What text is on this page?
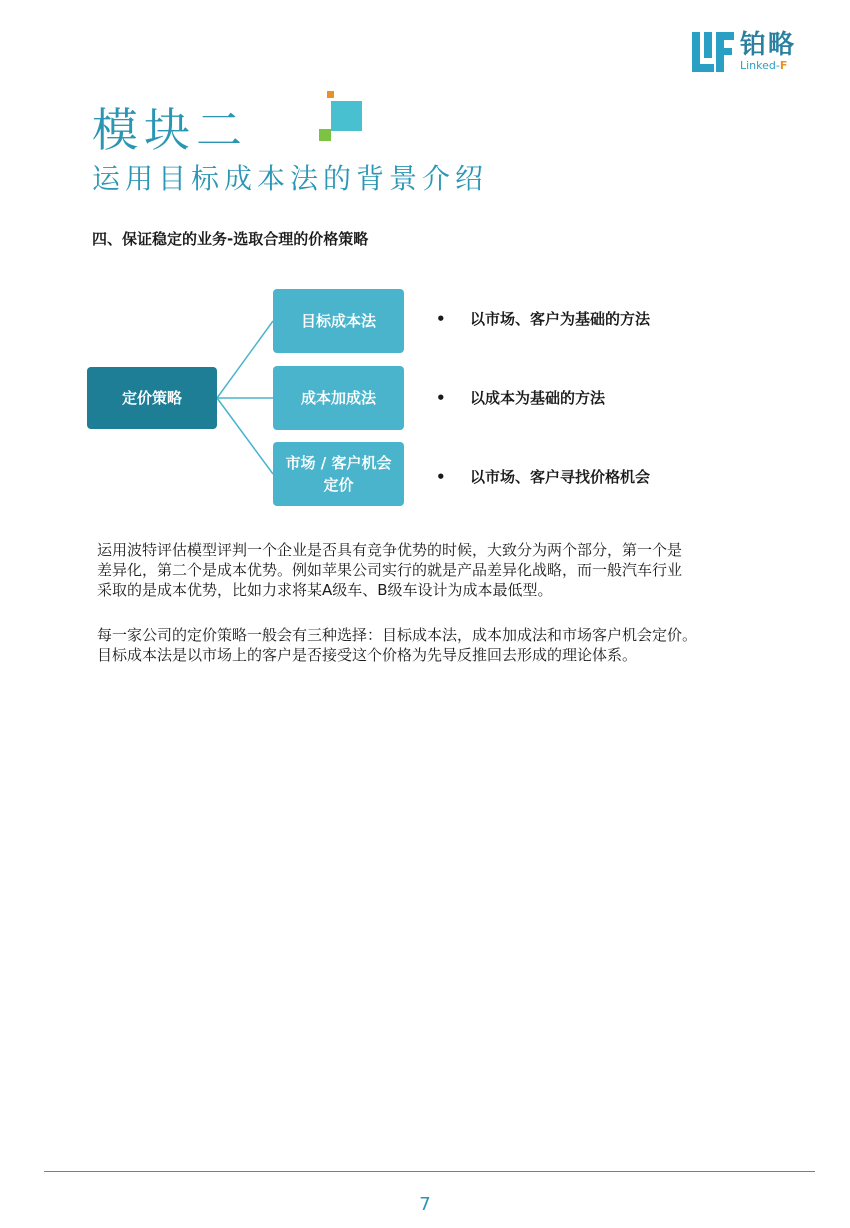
铂略
Linked-F
模块二
运用目标成本法的背景介绍
四、保证稳定的业务-选取合理的价格策略
定价策略
目标成本法
成本加成法
市场 / 客户机会
定价
•	以市场、客户为基础的方法
•	以成本为基础的方法
•	以市场、客户寻找价格机会
运用波特评估模型评判一个企业是否具有竞争优势的时候，大致分为两个部分，第一个是
差异化，第二个是成本优势。例如苹果公司实行的就是产品差异化战略，而一般汽车行业
采取的是成本优势，比如力求将某A级车、B级车设计为成本最低型。
每一家公司的定价策略一般会有三种选择：目标成本法，成本加成法和市场客户机会定价。
目标成本法是以市场上的客户是否接受这个价格为先导反推回去形成的理论体系。
7
